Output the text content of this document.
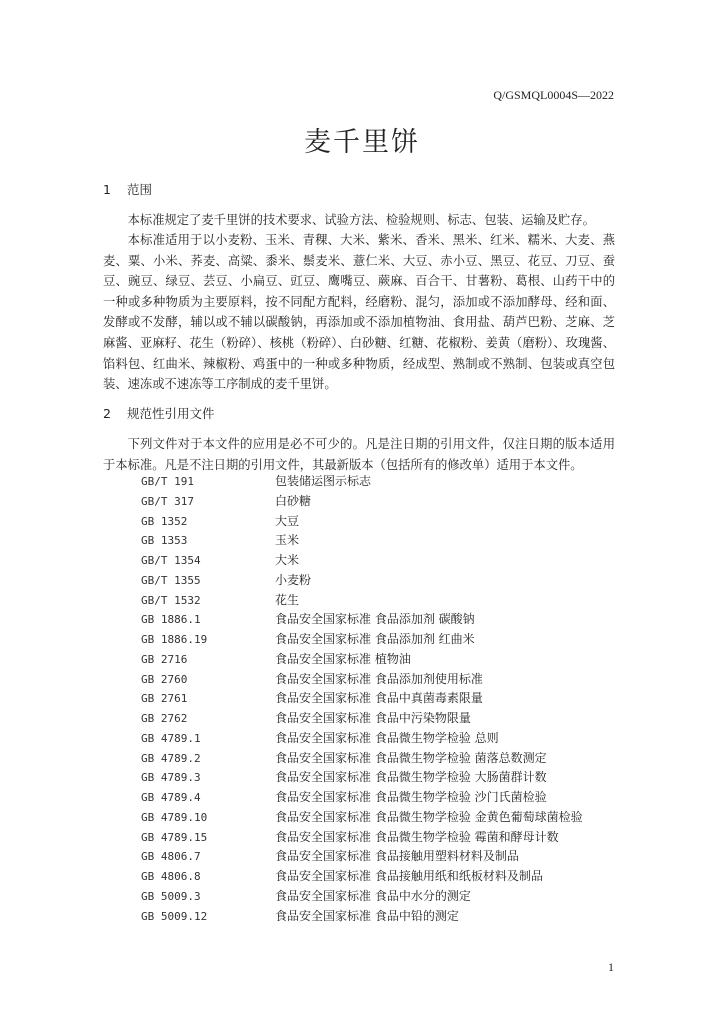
Q/GSMQL0004S—2022
麦千里饼
1 范围

本标准规定了麦千里饼的技术要求、试验方法、检验规则、标志、包装、运输及贮存。

本标准适用于以小麦粉、玉米、青稞、大米、紫米、香米、黑米、红米、糯米、大麦、燕麦、粟、小米、荞麦、高粱、黍米、鬃麦米、薏仁米、大豆、赤小豆、黑豆、花豆、刀豆、蚕豆、豌豆、绿豆、芸豆、小扁豆、豇豆、鹰嘴豆、蕨麻、百合干、甘薯粉、葛根、山药干中的一种或多种物质为主要原料，按不同配方配料，经磨粉、混匀，添加或不添加酵母、经和面、发酵或不发酵，辅以或不辅以碳酸钠，再添加或不添加植物油、食用盐、葫芦巴粉、芝麻、芝麻酱、亚麻籽、花生（粉碎）、核桃（粉碎）、白砂糖、红糖、花椒粉、姜黄（磨粉）、玫瑰酱、馅料包、红曲米、辣椒粉、鸡蛋中的一种或多种物质，经成型、熟制或不熟制、包装或真空包装、速冻或不速冻等工序制成的麦千里饼。

2 规范性引用文件

下列文件对于本文件的应用是必不可少的。凡是注日期的引用文件，仅注日期的版本适用于本标准。凡是不注日期的引用文件，其最新版本（包括所有的修改单）适用于本文件。

GB/T 191	包装储运图示标志
GB/T 317	白砂糖
GB 1352	大豆
GB 1353	玉米
GB/T 1354	大米
GB/T 1355	小麦粉
GB/T 1532	花生
GB 1886.1	食品安全国家标准 食品添加剂 碳酸钠
GB 1886.19	食品安全国家标准 食品添加剂 红曲米
GB 2716	食品安全国家标准 植物油
GB 2760	食品安全国家标准 食品添加剂使用标准
GB 2761	食品安全国家标准 食品中真菌毒素限量
GB 2762	食品安全国家标准 食品中污染物限量
GB 4789.1	食品安全国家标准 食品微生物学检验 总则
GB 4789.2	食品安全国家标准 食品微生物学检验 菌落总数测定
GB 4789.3	食品安全国家标准 食品微生物学检验 大肠菌群计数
GB 4789.4	食品安全国家标准 食品微生物学检验 沙门氏菌检验
GB 4789.10	食品安全国家标准 食品微生物学检验 金黄色葡萄球菌检验
GB 4789.15	食品安全国家标准 食品微生物学检验 霉菌和酵母计数
GB 4806.7	食品安全国家标准 食品接触用塑料材料及制品
GB 4806.8	食品安全国家标准 食品接触用纸和纸板材料及制品
GB 5009.3	食品安全国家标准 食品中水分的测定
GB 5009.12	食品安全国家标准 食品中铅的测定
1
